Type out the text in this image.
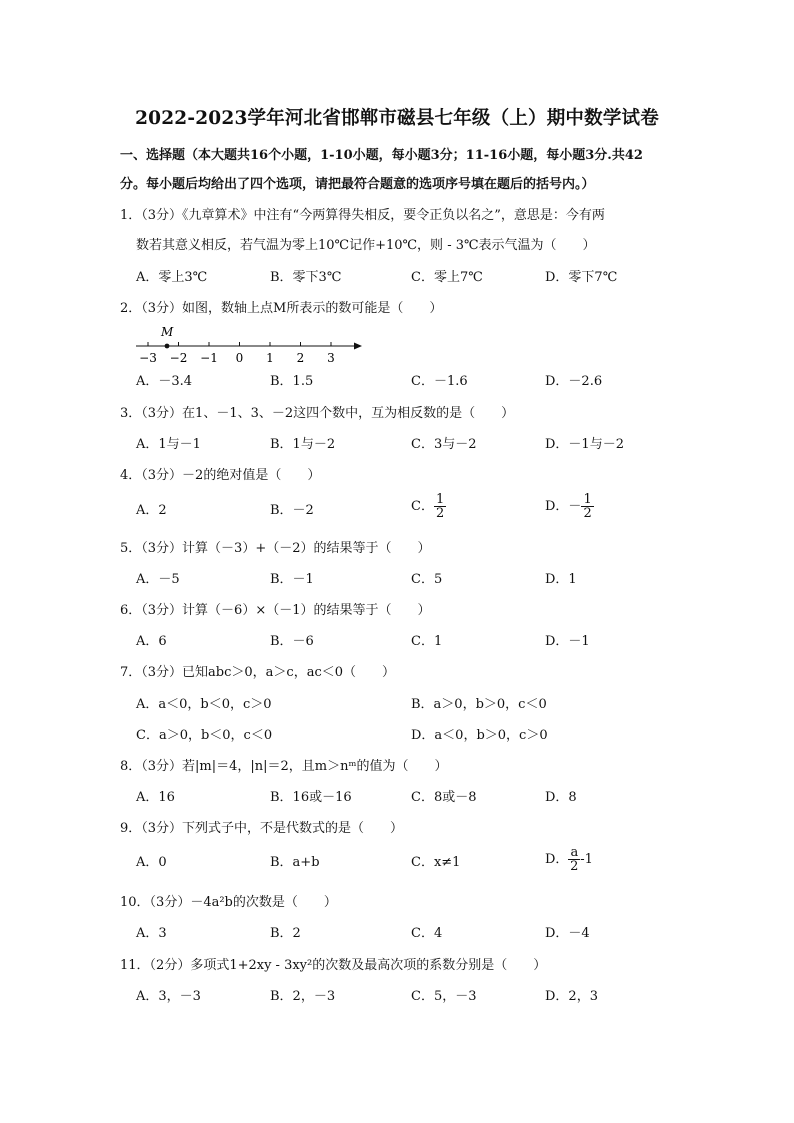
2022-2023学年河北省邯郸市磁县七年级（上）期中数学试卷
一、选择题（本大题共16个小题，1-10小题，每小题3分；11-16小题，每小题3分.共42
分。每小题后均给出了四个选项，请把最符合题意的选项序号填在题后的括号内。）
1．（3分）《九章算术》中注有“今两算得失相反，要令正负以名之”，意思是：今有两
数若其意义相反，若气温为零上10℃记作+10℃，则 - 3℃表示气温为（　　）
A．零上3℃	B．零下3℃	C．零上7℃	D．零下7℃
2．（3分）如图，数轴上点M所表示的数可能是（　　）
M
−3 −2 −1 0 1 2 3
A．－3.4	B．1.5	C．－1.6	D．－2.6
3．（3分）在1、－1、3、－2这四个数中，互为相反数的是（　　）
A．1与－1	B．1与－2	C．3与－2	D．－1与－2
4．（3分）－2的绝对值是（　　）
A．2	B．－2	C． $\frac{1}{2}$	D．－ $\frac{1}{2}$
5．（3分）计算（－3）+（－2）的结果等于（　　）
A．－5	B．－1	C．5	D．1
6．（3分）计算（－6）×（－1）的结果等于（　　）
A．6	B．－6	C．1	D．－1
7．（3分）已知abc＞0，a＞c，ac＜0（　　）
A．a＜0，b＜0，c＞0	B．a＞0，b＞0，c＜0
C．a＞0，b＜0，c＜0	D．a＜0，b＞0，c＞0
8．（3分）若|m|＝4，|n|＝2，且m＞nᵐ的值为（　　）
A．16	B．16或－16	C．8或－8	D．8
9．（3分）下列式子中，不是代数式的是（　　）
A．0	B．a+b	C．x≠1	D． $\frac{a}{2} -1$
10．（3分）－4a²b的次数是（　　）
A．3	B．2	C．4	D．－4
11．（2分）多项式1+2xy - 3xy²的次数及最高次项的系数分别是（　　）
A．3，－3	B．2，－3	C．5，－3	D．2，3
